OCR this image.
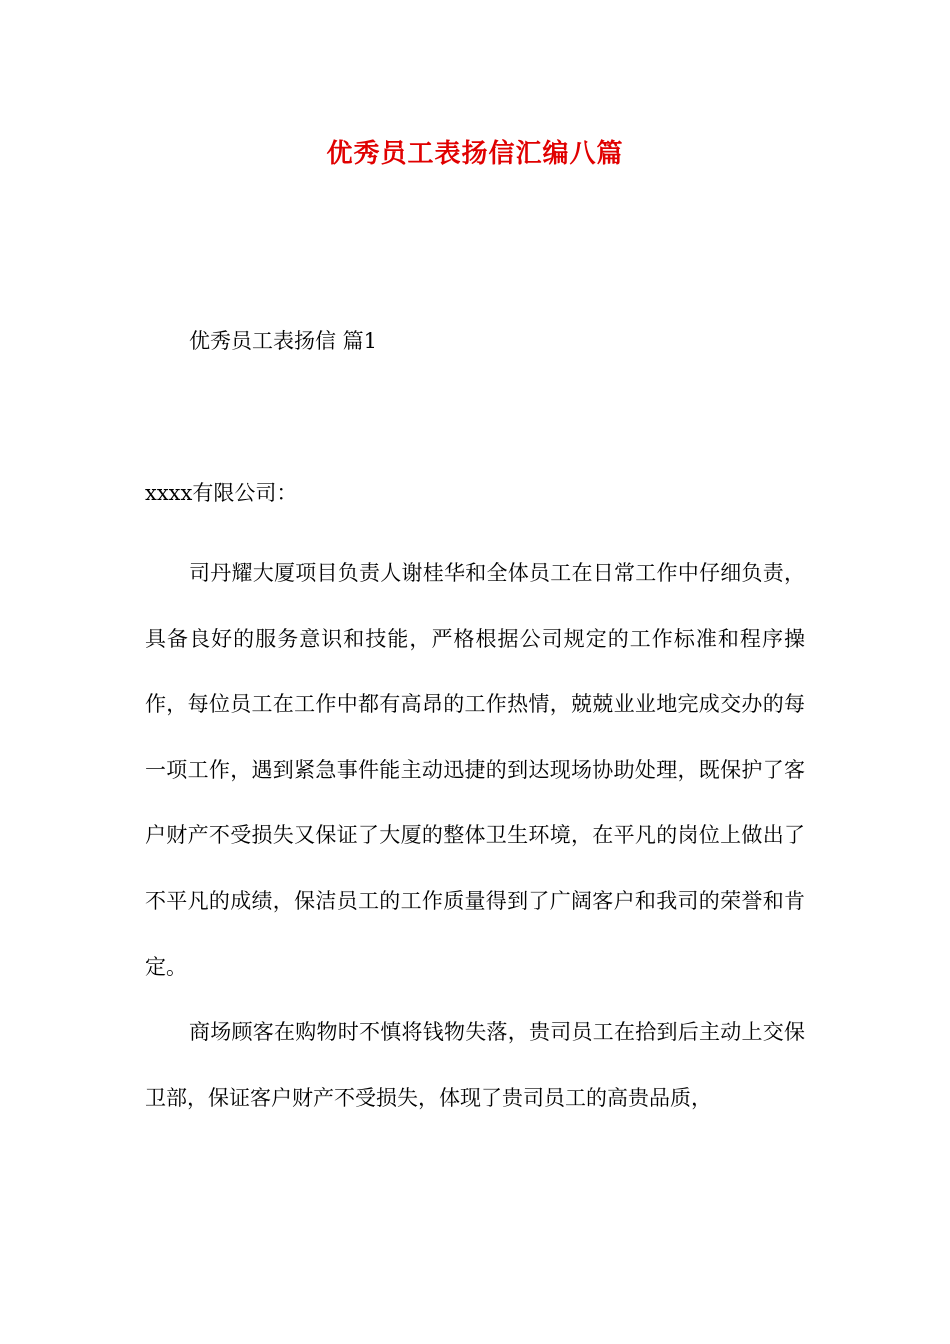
优秀员工表扬信汇编八篇
优秀员工表扬信 篇1
xxxx有限公司：

司丹耀大厦项目负责人谢桂华和全体员工在日常工作中仔细负责，具备良好的服务意识和技能，严格根据公司规定的工作标准和程序操作，每位员工在工作中都有高昂的工作热情，兢兢业业地完成交办的每一项工作，遇到紧急事件能主动迅捷的到达现场协助处理，既保护了客户财产不受损失又保证了大厦的整体卫生环境，在平凡的岗位上做出了不平凡的成绩，保洁员工的工作质量得到了广阔客户和我司的荣誉和肯定。

商场顾客在购物时不慎将钱物失落，贵司员工在拾到后主动上交保卫部，保证客户财产不受损失，体现了贵司员工的高贵品质，
